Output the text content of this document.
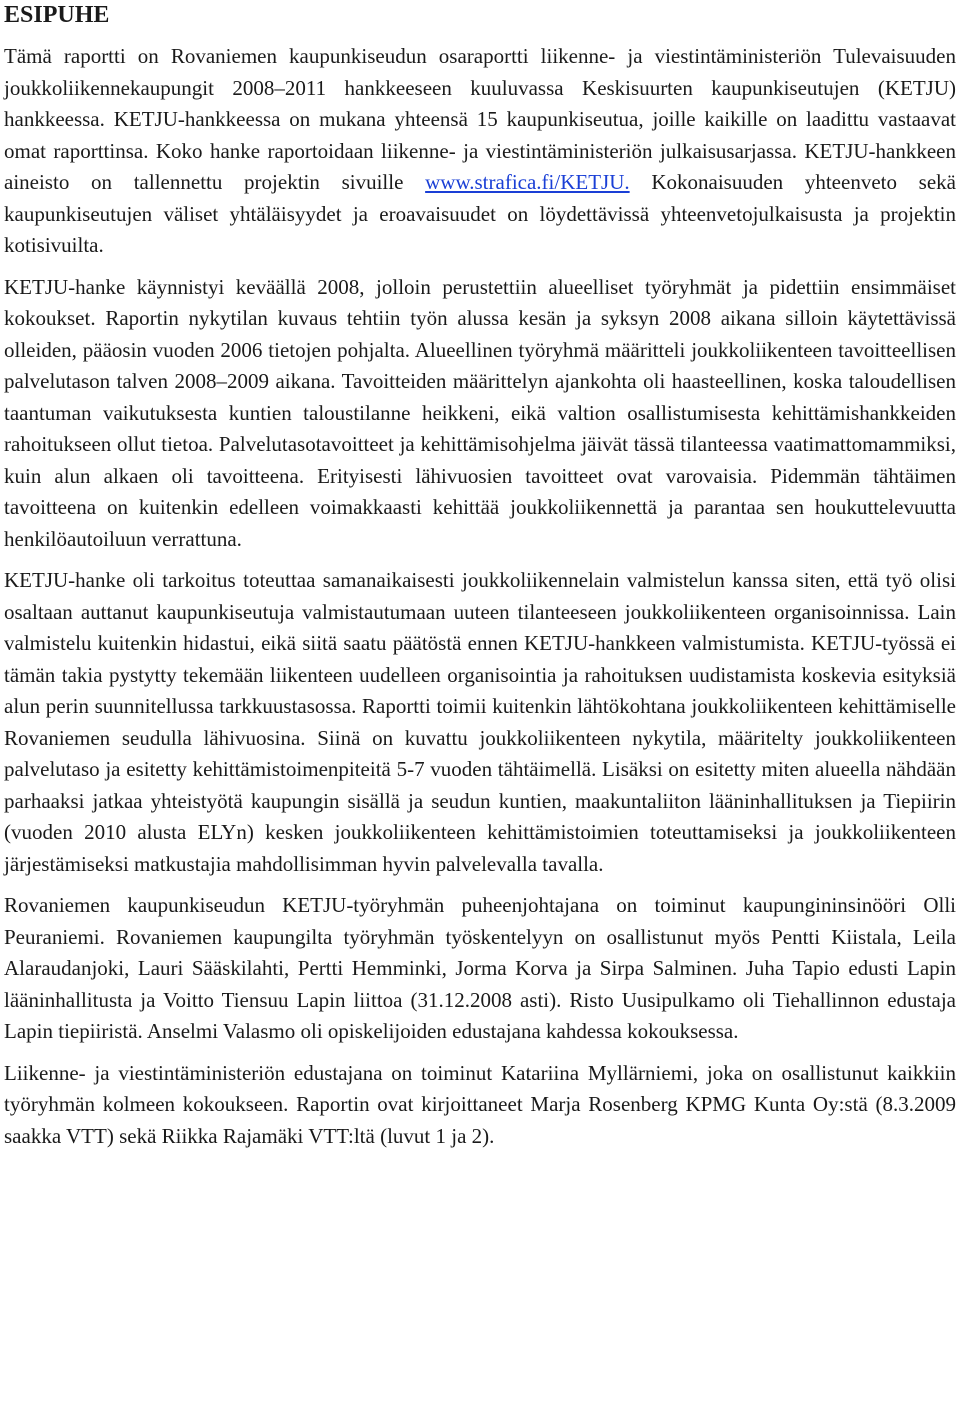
ESIPUHE

Tämä raportti on Rovaniemen kaupunkiseudun osaraportti liikenne- ja viestintäministeriön Tulevaisuuden joukkoliikennekaupungit 2008–2011 hankkeeseen kuuluvassa Keskisuurten kaupunkiseutujen (KETJU) hankkeessa. KETJU-hankkeessa on mukana yhteensä 15 kaupunkiseutua, joille kaikille on laadittu vastaavat omat raporttinsa. Koko hanke raportoidaan liikenne- ja viestintäministeriön julkaisusarjassa. KETJU-hankkeen aineisto on tallennettu projektin sivuille www.strafica.fi/KETJU. Kokonaisuuden yhteenveto sekä kaupunkiseutujen väliset yhtäläisyydet ja eroavaisuudet on löydettävissä yhteenvetojulkaisusta ja projektin kotisivuilta.

KETJU-hanke käynnistyi keväällä 2008, jolloin perustettiin alueelliset työryhmät ja pidettiin ensimmäiset kokoukset. Raportin nykytilan kuvaus tehtiin työn alussa kesän ja syksyn 2008 aikana silloin käytettävissä olleiden, pääosin vuoden 2006 tietojen pohjalta. Alueellinen työryhmä määritteli joukkoliikenteen tavoitteellisen palvelutason talven 2008–2009 aikana. Tavoitteiden määrittelyn ajankohta oli haasteellinen, koska taloudellisen taantuman vaikutuksesta kuntien taloustilanne heikkeni, eikä valtion osallistumisesta kehittämishankkeiden rahoitukseen ollut tietoa. Palvelutasotavoitteet ja kehittämisohjelma jäivät tässä tilanteessa vaatimattomammiksi, kuin alun alkaen oli tavoitteena. Erityisesti lähivuosien tavoitteet ovat varovaisia. Pidemmän tähtäimen tavoitteena on kuitenkin edelleen voimakkaasti kehittää joukkoliikennettä ja parantaa sen houkuttelevuutta henkilöautoiluun verrattuna.

KETJU-hanke oli tarkoitus toteuttaa samanaikaisesti joukkoliikennelain valmistelun kanssa siten, että työ olisi osaltaan auttanut kaupunkiseutuja valmistautumaan uuteen tilanteeseen joukkoliikenteen organisoinnissa. Lain valmistelu kuitenkin hidastui, eikä siitä saatu päätöstä ennen KETJU-hankkeen valmistumista. KETJU-työssä ei tämän takia pystytty tekemään liikenteen uudelleen organisointia ja rahoituksen uudistamista koskevia esityksiä alun perin suunnitellussa tarkkuustasossa. Raportti toimii kuitenkin lähtökohtana joukkoliikenteen kehittämiselle Rovaniemen seudulla lähivuosina. Siinä on kuvattu joukkoliikenteen nykytila, määritelty joukkoliikenteen palvelutaso ja esitetty kehittämistoimenpiteitä 5-7 vuoden tähtäimellä. Lisäksi on esitetty miten alueella nähdään parhaaksi jatkaa yhteistyötä kaupungin sisällä ja seudun kuntien, maakuntaliiton lääninhallituksen ja Tiepiirin (vuoden 2010 alusta ELYn) kesken joukkoliikenteen kehittämistoimien toteuttamiseksi ja joukkoliikenteen järjestämiseksi matkustajia mahdollisimman hyvin palvelevalla tavalla.

Rovaniemen kaupunkiseudun KETJU-työryhmän puheenjohtajana on toiminut kaupungininsinööri Olli Peuraniemi. Rovaniemen kaupungilta työryhmän työskentelyyn on osallistunut myös Pentti Kiistala, Leila Alaraudanjoki, Lauri Sääskilahti, Pertti Hemminki, Jorma Korva ja Sirpa Salminen. Juha Tapio edusti Lapin lääninhallitusta ja Voitto Tiensuu Lapin liittoa (31.12.2008 asti). Risto Uusipulkamo oli Tiehallinnon edustaja Lapin tiepiiristä. Anselmi Valasmo oli opiskelijoiden edustajana kahdessa kokouksessa.

Liikenne- ja viestintäministeriön edustajana on toiminut Katariina Myllärniemi, joka on osallistunut kaikkiin työryhmän kolmeen kokoukseen. Raportin ovat kirjoittaneet Marja Rosenberg KPMG Kunta Oy:stä (8.3.2009 saakka VTT) sekä Riikka Rajamäki VTT:ltä (luvut 1 ja 2).
